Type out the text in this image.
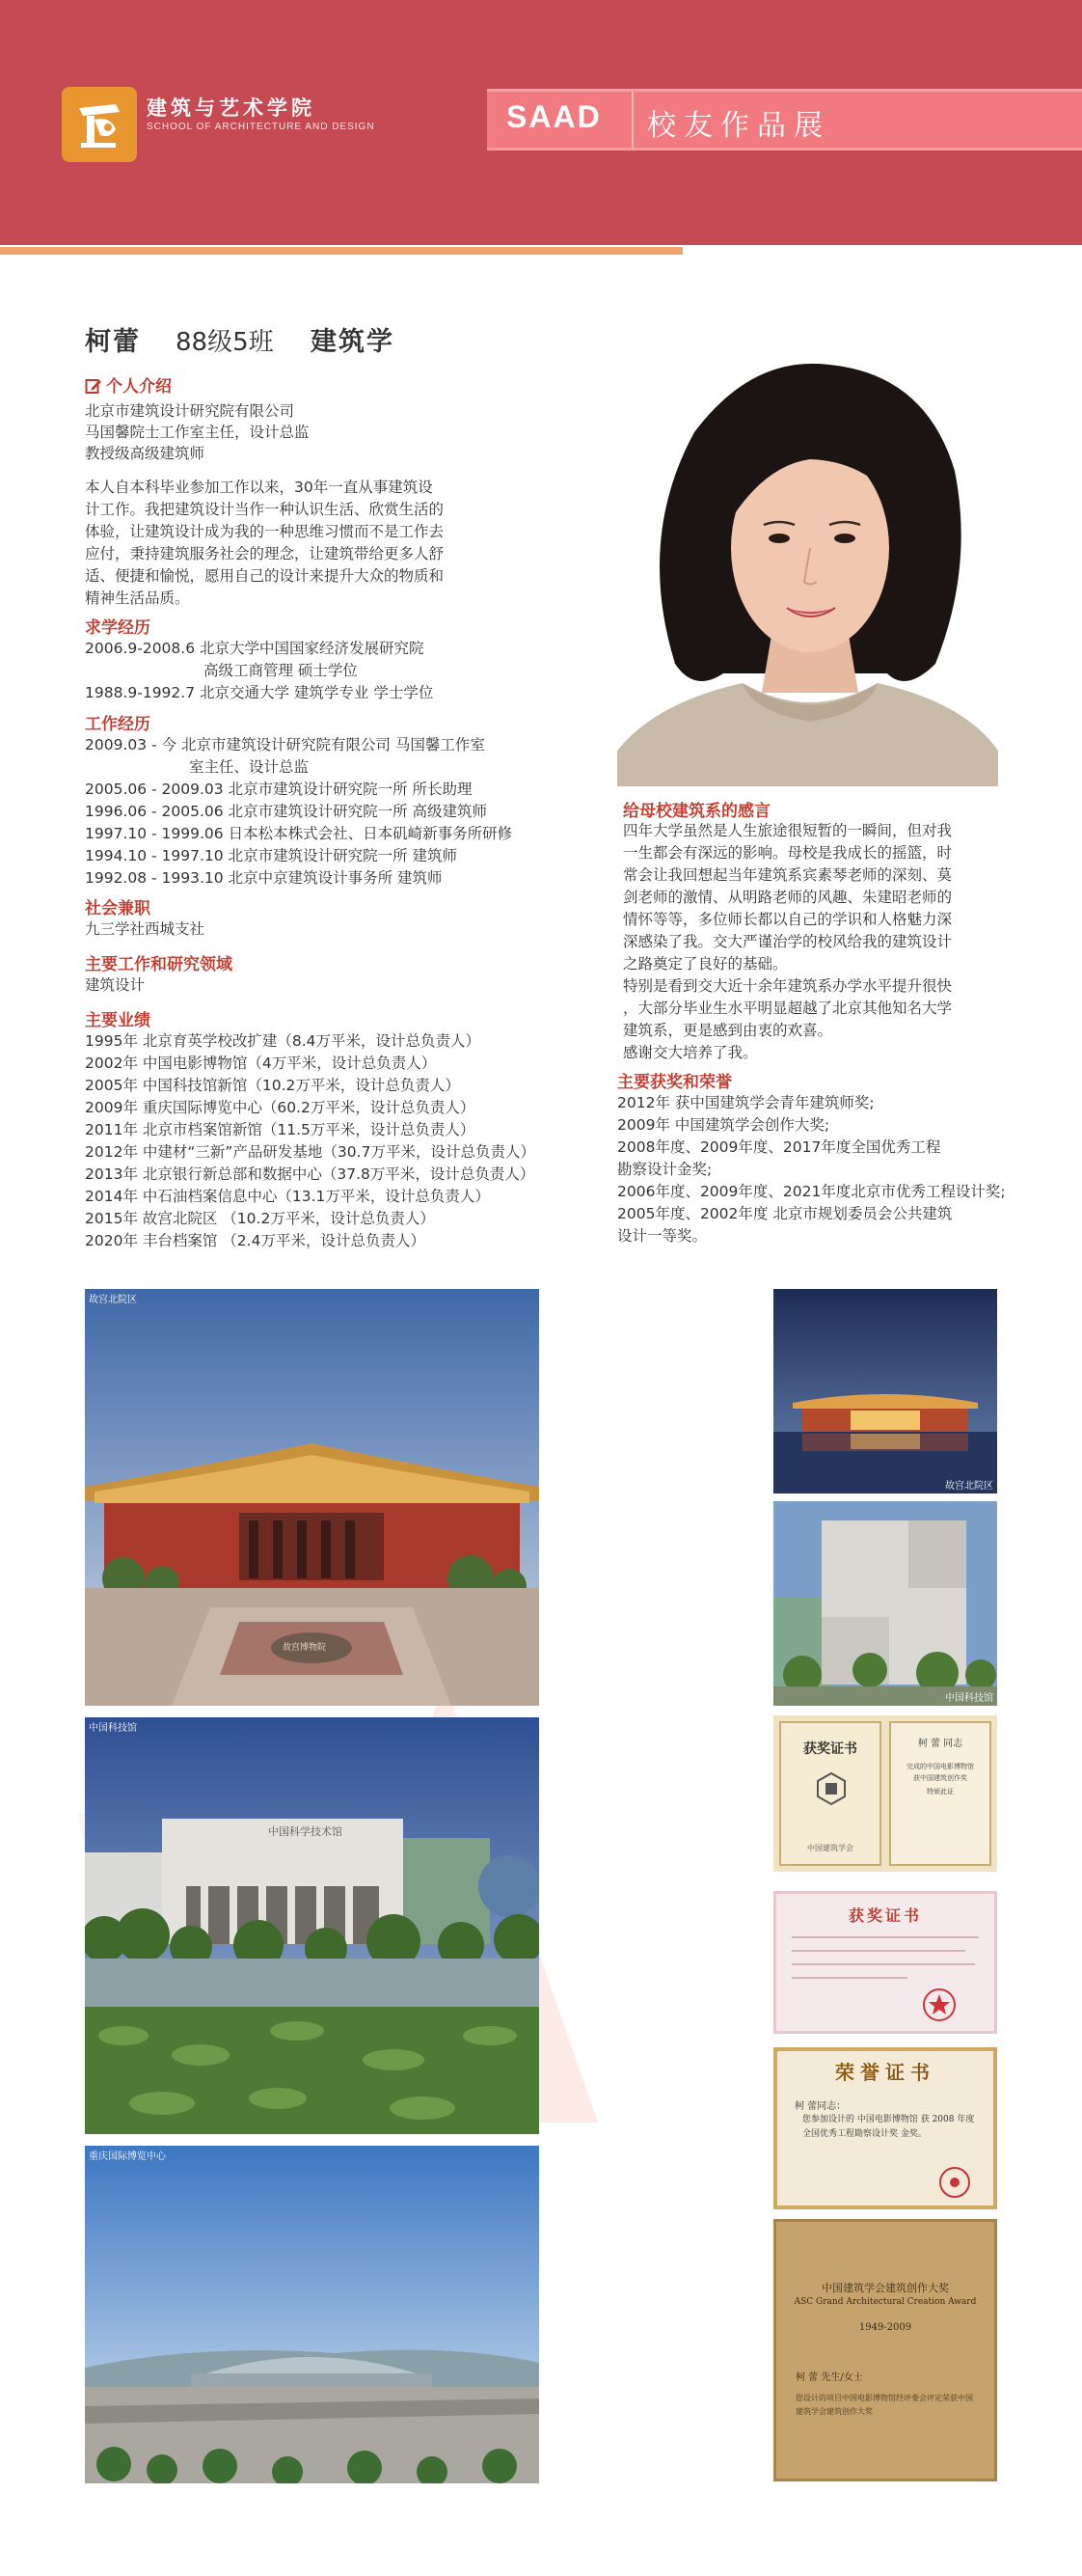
建筑与艺术学院
SCHOOL OF ARCHITECTURE AND DESIGN	SAAD 校友作品展
柯蕾 88级5班 建筑学
个人介绍
北京市建筑设计研究院有限公司
马国馨院士工作室主任，设计总监
教授级高级建筑师
本人自本科毕业参加工作以来，30年一直从事建筑设
计工作。我把建筑设计当作一种认识生活、欣赏生活的
体验，让建筑设计成为我的一种思维习惯而不是工作去
应付，秉持建筑服务社会的理念，让建筑带给更多人舒
适、便捷和愉悦，愿用自己的设计来提升大众的物质和
精神生活品质。
求学经历
2006.9-2008.6 北京大学中国国家经济发展研究院
高级工商管理 硕士学位
1988.9-1992.7 北京交通大学 建筑学专业 学士学位
工作经历
2009.03 - 今 北京市建筑设计研究院有限公司 马国馨工作室
室主任、设计总监
2005.06 - 2009.03 北京市建筑设计研究院一所 所长助理
1996.06 - 2005.06 北京市建筑设计研究院一所 高级建筑师
1997.10 - 1999.06 日本松本株式会社、日本矶崎新事务所研修
1994.10 - 1997.10 北京市建筑设计研究院一所 建筑师
1992.08 - 1993.10 北京中京建筑设计事务所 建筑师
社会兼职
九三学社西城支社
主要工作和研究领域
建筑设计
主要业绩
1995年 北京育英学校改扩建（8.4万平米，设计总负责人）
2002年 中国电影博物馆（4万平米，设计总负责人）
2005年 中国科技馆新馆（10.2万平米，设计总负责人）
2009年 重庆国际博览中心（60.2万平米，设计总负责人）
2011年 北京市档案馆新馆（11.5万平米，设计总负责人）
2012年 中建材“三新”产品研发基地（30.7万平米，设计总负责人）
2013年 北京银行新总部和数据中心（37.8万平米，设计总负责人）
2014年 中石油档案信息中心（13.1万平米，设计总负责人）
2015年 故宫北院区 （10.2万平米，设计总负责人）
2020年 丰台档案馆 （2.4万平米，设计总负责人）
给母校建筑系的感言
四年大学虽然是人生旅途很短暂的一瞬间，但对我
一生都会有深远的影响。母校是我成长的摇篮，时
常会让我回想起当年建筑系宾素琴老师的深刻、莫
剑老师的激情、从明路老师的风趣、朱建昭老师的
情怀等等，多位师长都以自己的学识和人格魅力深
深感染了我。交大严谨治学的校风给我的建筑设计
之路奠定了良好的基础。
特别是看到交大近十余年建筑系办学水平提升很快
，大部分毕业生水平明显超越了北京其他知名大学
建筑系，更是感到由衷的欢喜。
感谢交大培养了我。
主要获奖和荣誉
2012年 获中国建筑学会青年建筑师奖;
2009年 中国建筑学会创作大奖;
2008年度、2009年度、2017年度全国优秀工程
勘察设计金奖;
2006年度、2009年度、2021年度北京市优秀工程设计奖;
2005年度、2002年度 北京市规划委员会公共建筑
设计一等奖。
故宫北院区
故宫博物院
中国科技馆
中国科学技术馆
重庆国际博览中心
故宫北院区
中国科技馆
获奖证书
中国建筑学会
柯 蕾 同志
完成的中国电影博物馆
获中国建筑创作奖
特颁此证
获奖证书
荣誉证书
柯 蕾同志：
您参加设计的 中国电影博物馆 获 2008 年度全国优秀工程勘察设计奖 金奖。
中国建筑学会建筑创作大奖
ASC Grand Architectural Creation Award
1949-2009
柯 蕾 先生/女士
您设计的项目中国电影博物馆经评委会评定荣获中国建筑学会建筑创作大奖
